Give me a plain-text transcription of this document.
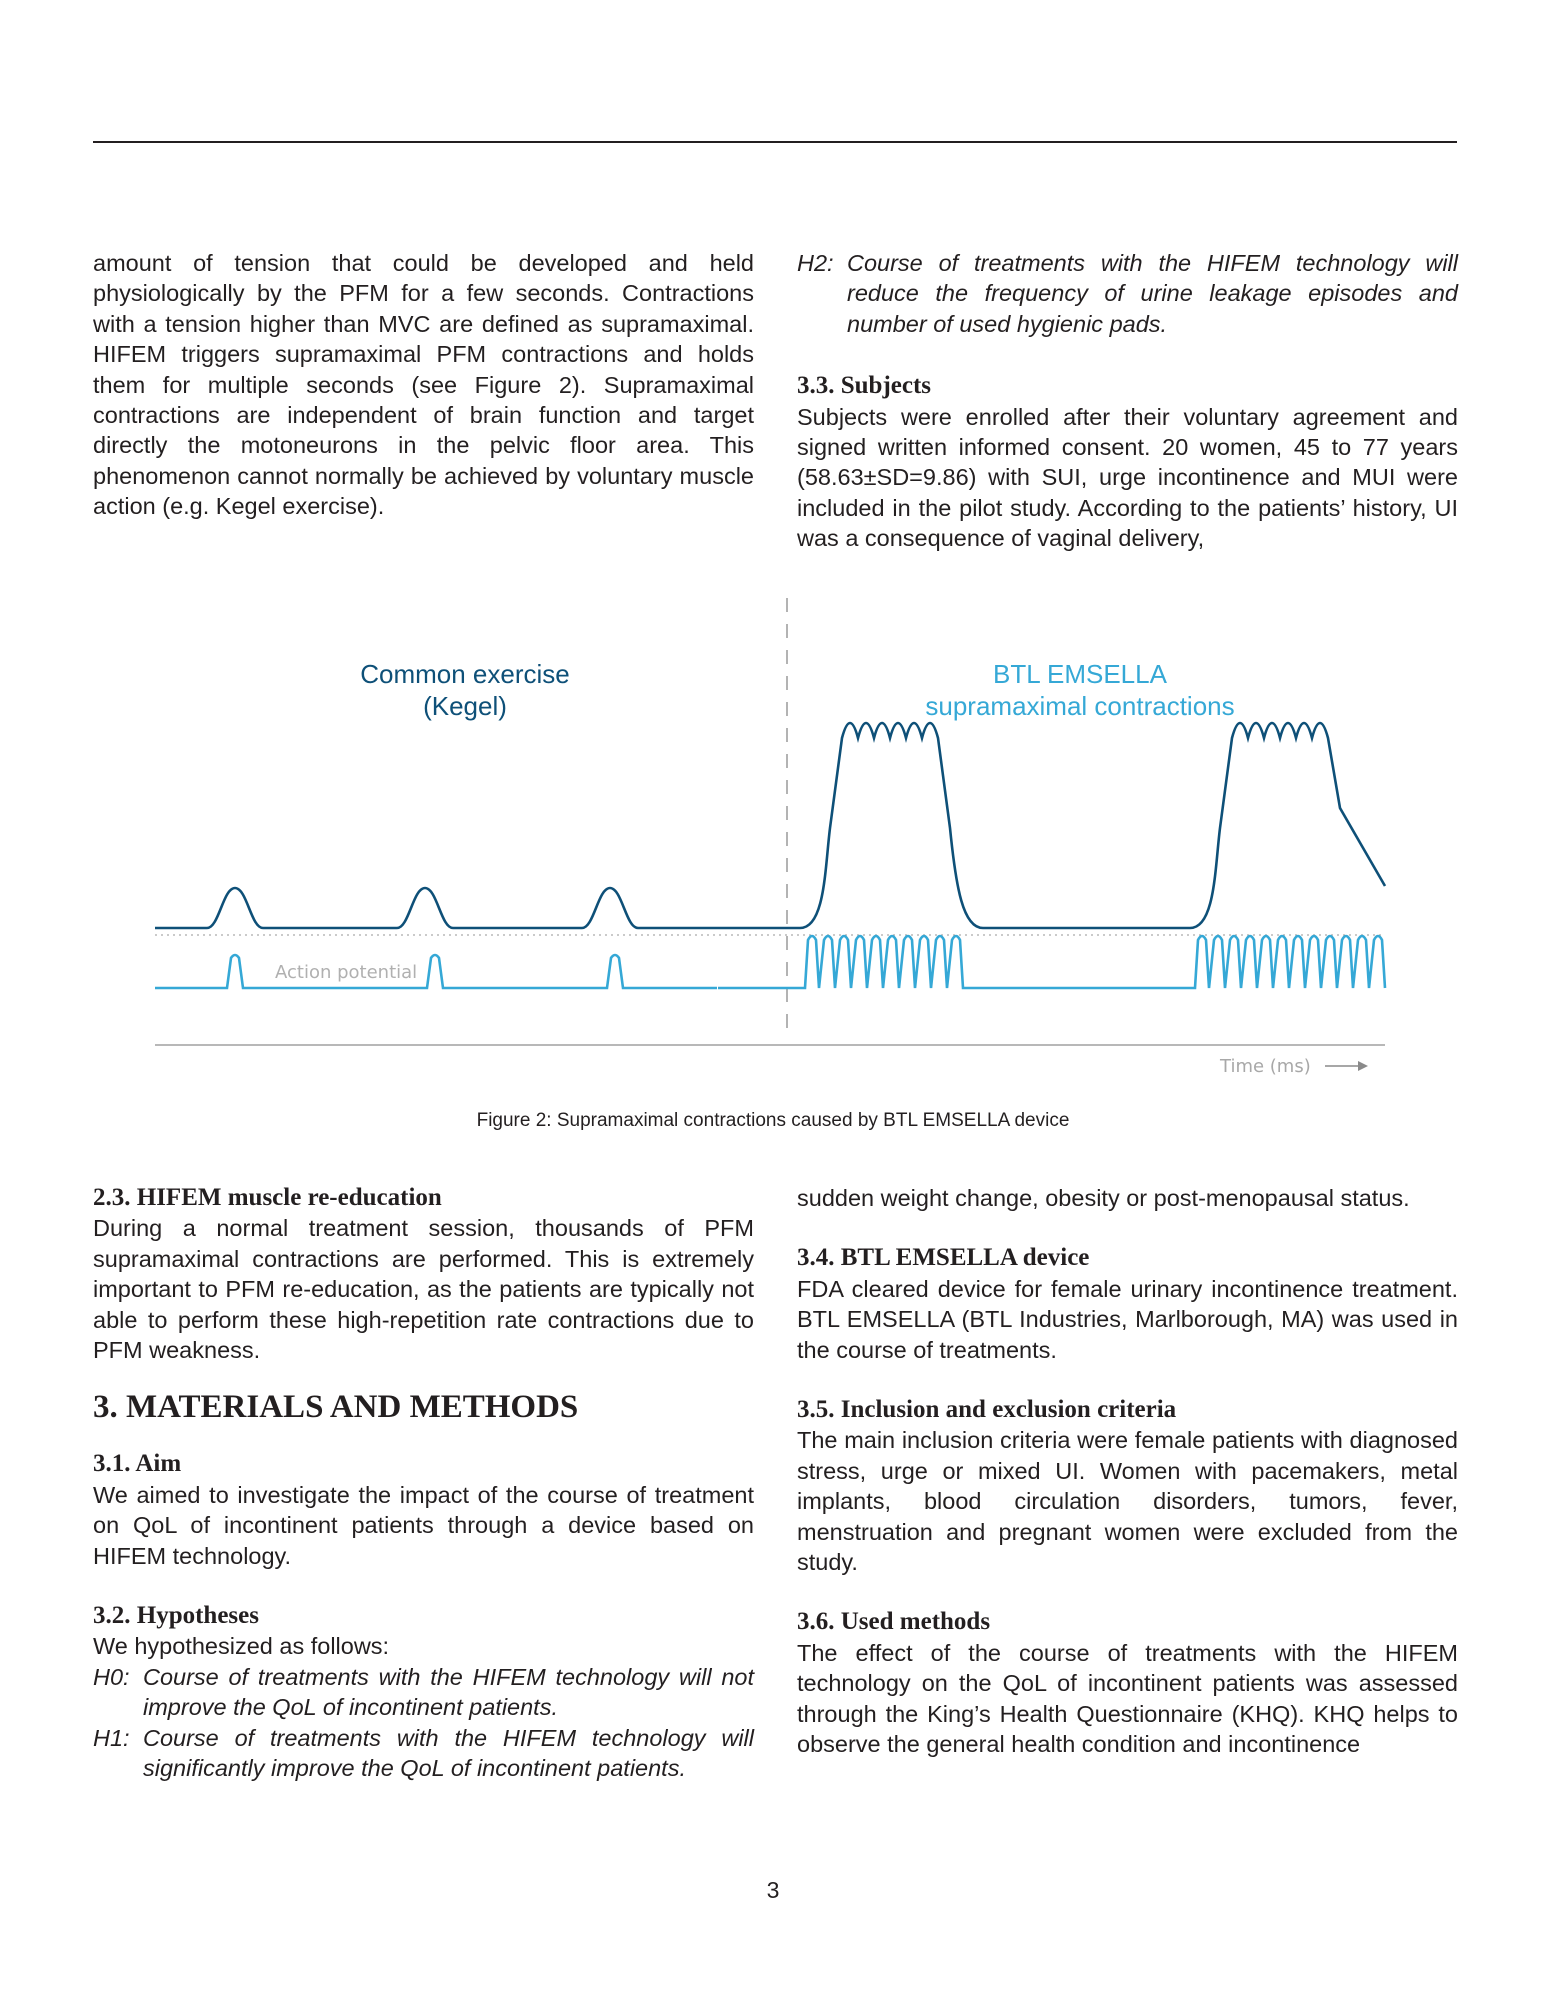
amount of tension that could be developed and held physiologically by the PFM for a few seconds. Contractions with a tension higher than MVC are defined as supramaximal. HIFEM triggers supramaximal PFM contractions and holds them for multiple seconds (see Figure 2). Supramaximal contractions are independent of brain function and target directly the motoneurons in the pelvic floor area. This phenomenon cannot normally be achieved by voluntary muscle action (e.g. Kegel exercise).

H2: Course of treatments with the HIFEM technology will reduce the frequency of urine leakage episodes and number of used hygienic pads.

3.3. Subjects

Subjects were enrolled after their voluntary agreement and signed written informed consent. 20 women, 45 to 77 years (58.63±SD=9.86) with SUI, urge incontinence and MUI were included in the pilot study. According to the patients’ history, UI was a consequence of vaginal delivery,

Common exercise
(Kegel)
BTL EMSELLA
supramaximal contractions
Action potential
Time (ms)
Figure 2: Supramaximal contractions caused by BTL EMSELLA device

2.3. HIFEM muscle re-education

During a normal treatment session, thousands of PFM supramaximal contractions are performed. This is extremely important to PFM re-education, as the patients are typically not able to perform these high-repetition rate contractions due to PFM weakness.

3. MATERIALS AND METHODS

3.1. Aim

We aimed to investigate the impact of the course of treatment on QoL of incontinent patients through a device based on HIFEM technology.

3.2. Hypotheses

We hypothesized as follows:

H0: Course of treatments with the HIFEM technology will not improve the QoL of incontinent patients.

H1: Course of treatments with the HIFEM technology will significantly improve the QoL of incontinent patients.

sudden weight change, obesity or post-menopausal status.

3.4. BTL EMSELLA device

FDA cleared device for female urinary incontinence treatment. BTL EMSELLA (BTL Industries, Marlborough, MA) was used in the course of treatments.

3.5. Inclusion and exclusion criteria

The main inclusion criteria were female patients with diagnosed stress, urge or mixed UI. Women with pacemakers, metal implants, blood circulation disorders, tumors, fever, menstruation and pregnant women were excluded from the study.

3.6. Used methods

The effect of the course of treatments with the HIFEM technology on the QoL of incontinent patients was assessed through the King’s Health Questionnaire (KHQ). KHQ helps to observe the general health condition and incontinence

3
